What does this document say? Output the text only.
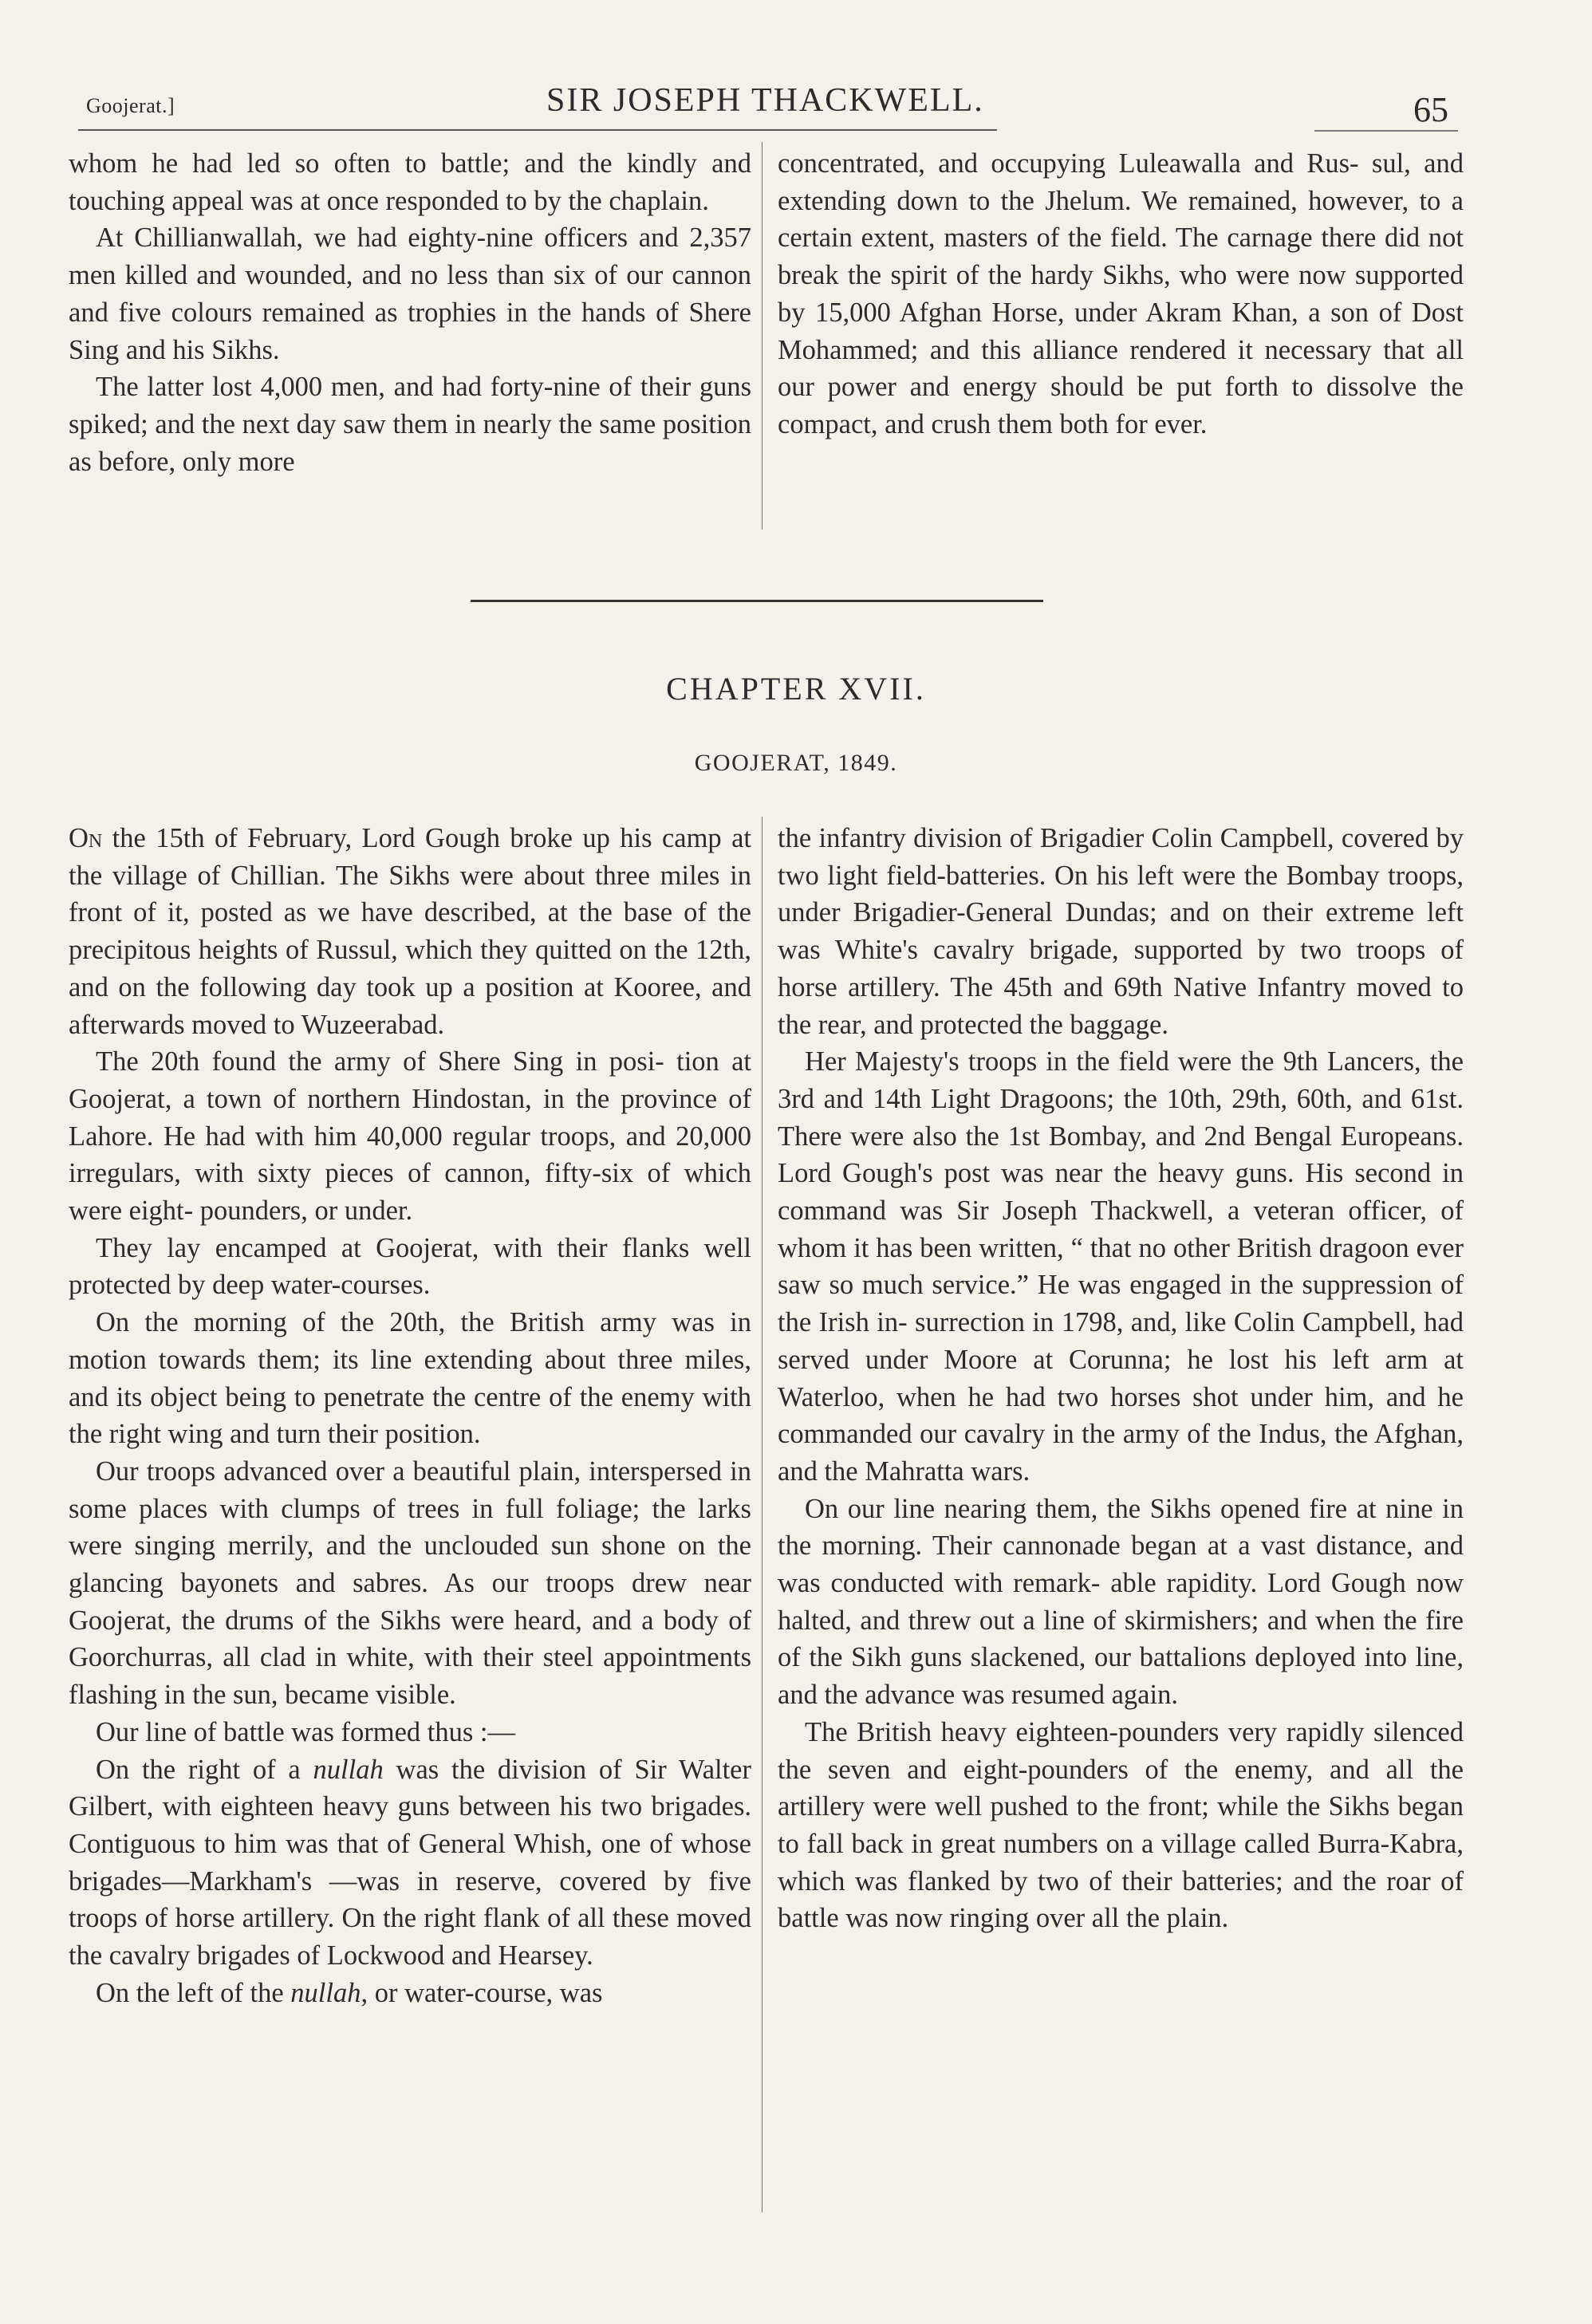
Goojerat.]	SIR JOSEPH THACKWELL.	65

whom he had led so often to battle; and the kindly and touching appeal was at once responded to by the chaplain.

At Chillianwallah, we had eighty-nine officers and 2,357 men killed and wounded, and no less than six of our cannon and five colours remained as trophies in the hands of Shere Sing and his Sikhs.

The latter lost 4,000 men, and had forty-nine of their guns spiked; and the next day saw them in nearly the same position as before, only more

concentrated, and occupying Luleawalla and Rus- sul, and extending down to the Jhelum. We remained, however, to a certain extent, masters of the field. The carnage there did not break the spirit of the hardy Sikhs, who were now supported by 15,000 Afghan Horse, under Akram Khan, a son of Dost Mohammed; and this alliance rendered it necessary that all our power and energy should be put forth to dissolve the compact, and crush them both for ever.

CHAPTER XVII.
GOOJERAT, 1849.

On the 15th of February, Lord Gough broke up his camp at the village of Chillian. The Sikhs were about three miles in front of it, posted as we have described, at the base of the precipitous heights of Russul, which they quitted on the 12th, and on the following day took up a position at Kooree, and afterwards moved to Wuzeerabad.

The 20th found the army of Shere Sing in posi- tion at Goojerat, a town of northern Hindostan, in the province of Lahore. He had with him 40,000 regular troops, and 20,000 irregulars, with sixty pieces of cannon, fifty-six of which were eight- pounders, or under.

They lay encamped at Goojerat, with their flanks well protected by deep water-courses.

On the morning of the 20th, the British army was in motion towards them; its line extending about three miles, and its object being to penetrate the centre of the enemy with the right wing and turn their position.

Our troops advanced over a beautiful plain, interspersed in some places with clumps of trees in full foliage; the larks were singing merrily, and the unclouded sun shone on the glancing bayonets and sabres. As our troops drew near Goojerat, the drums of the Sikhs were heard, and a body of Goorchurras, all clad in white, with their steel appointments flashing in the sun, became visible.

Our line of battle was formed thus :—

On the right of a nullah was the division of Sir Walter Gilbert, with eighteen heavy guns between his two brigades. Contiguous to him was that of General Whish, one of whose brigades—Markham's —was in reserve, covered by five troops of horse artillery. On the right flank of all these moved the cavalry brigades of Lockwood and Hearsey.

On the left of the nullah, or water-course, was

the infantry division of Brigadier Colin Campbell, covered by two light field-batteries. On his left were the Bombay troops, under Brigadier-General Dundas; and on their extreme left was White's cavalry brigade, supported by two troops of horse artillery. The 45th and 69th Native Infantry moved to the rear, and protected the baggage.

Her Majesty's troops in the field were the 9th Lancers, the 3rd and 14th Light Dragoons; the 10th, 29th, 60th, and 61st. There were also the 1st Bombay, and 2nd Bengal Europeans. Lord Gough's post was near the heavy guns. His second in command was Sir Joseph Thackwell, a veteran officer, of whom it has been written, “ that no other British dragoon ever saw so much service.” He was engaged in the suppression of the Irish in- surrection in 1798, and, like Colin Campbell, had served under Moore at Corunna; he lost his left arm at Waterloo, when he had two horses shot under him, and he commanded our cavalry in the army of the Indus, the Afghan, and the Mahratta wars.

On our line nearing them, the Sikhs opened fire at nine in the morning. Their cannonade began at a vast distance, and was conducted with remark- able rapidity. Lord Gough now halted, and threw out a line of skirmishers; and when the fire of the Sikh guns slackened, our battalions deployed into line, and the advance was resumed again.

The British heavy eighteen-pounders very rapidly silenced the seven and eight-pounders of the enemy, and all the artillery were well pushed to the front; while the Sikhs began to fall back in great numbers on a village called Burra-Kabra, which was flanked by two of their batteries; and the roar of battle was now ringing over all the plain.
